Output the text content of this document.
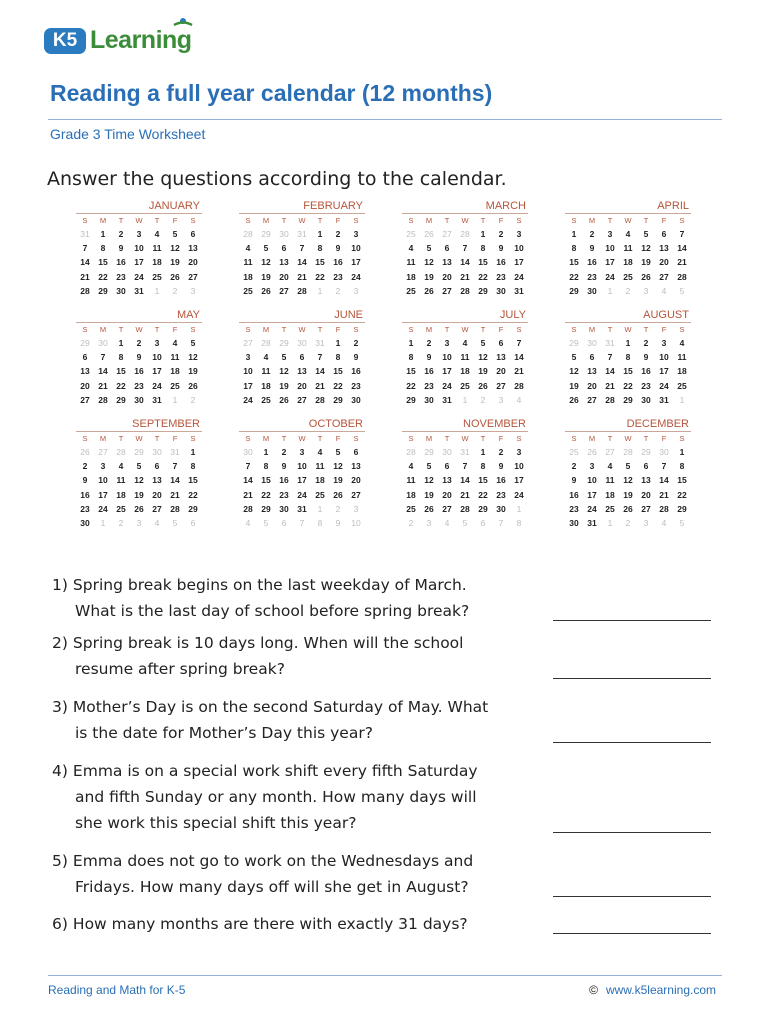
K5 Learning
Reading a full year calendar (12 months)
Grade 3 Time Worksheet
Answer the questions according to the calendar.
JANUARY
S	M	T	W	T	F	S
31	1	2	3	4	5	6
7	8	9	10	11	12	13
14	15	16	17	18	19	20
21	22	23	24	25	26	27
28	29	30	31	1	2	3
FEBRUARY
S	M	T	W	T	F	S
28	29	30	31	1	2	3
4	5	6	7	8	9	10
11	12	13	14	15	16	17
18	19	20	21	22	23	24
25	26	27	28	1	2	3
MARCH
S	M	T	W	T	F	S
25	26	27	28	1	2	3
4	5	6	7	8	9	10
11	12	13	14	15	16	17
18	19	20	21	22	23	24
25	26	27	28	29	30	31
APRIL
S	M	T	W	T	F	S
1	2	3	4	5	6	7
8	9	10	11	12	13	14
15	16	17	18	19	20	21
22	23	24	25	26	27	28
29	30	1	2	3	4	5
MAY
S	M	T	W	T	F	S
29	30	1	2	3	4	5
6	7	8	9	10	11	12
13	14	15	16	17	18	19
20	21	22	23	24	25	26
27	28	29	30	31	1	2
JUNE
S	M	T	W	T	F	S
27	28	29	30	31	1	2
3	4	5	6	7	8	9
10	11	12	13	14	15	16
17	18	19	20	21	22	23
24	25	26	27	28	29	30
JULY
S	M	T	W	T	F	S
1	2	3	4	5	6	7
8	9	10	11	12	13	14
15	16	17	18	19	20	21
22	23	24	25	26	27	28
29	30	31	1	2	3	4
AUGUST
S	M	T	W	T	F	S
29	30	31	1	2	3	4
5	6	7	8	9	10	11
12	13	14	15	16	17	18
19	20	21	22	23	24	25
26	27	28	29	30	31	1
SEPTEMBER
S	M	T	W	T	F	S
26	27	28	29	30	31	1
2	3	4	5	6	7	8
9	10	11	12	13	14	15
16	17	18	19	20	21	22
23	24	25	26	27	28	29
30	1	2	3	4	5	6
OCTOBER
S	M	T	W	T	F	S
30	1	2	3	4	5	6
7	8	9	10	11	12	13
14	15	16	17	18	19	20
21	22	23	24	25	26	27
28	29	30	31	1	2	3
4	5	6	7	8	9	10
NOVEMBER
S	M	T	W	T	F	S
28	29	30	31	1	2	3
4	5	6	7	8	9	10
11	12	13	14	15	16	17
18	19	20	21	22	23	24
25	26	27	28	29	30	1
2	3	4	5	6	7	8
DECEMBER
S	M	T	W	T	F	S
25	26	27	28	29	30	1
2	3	4	5	6	7	8
9	10	11	12	13	14	15
16	17	18	19	20	21	22
23	24	25	26	27	28	29
30	31	1	2	3	4	5
1) Spring break begins on the last weekday of March.
What is the last day of school before spring break?
2) Spring break is 10 days long. When will the school
resume after spring break?
3) Mother’s Day is on the second Saturday of May. What
is the date for Mother’s Day this year?
4) Emma is on a special work shift every fifth Saturday
and fifth Sunday or any month. How many days will
she work this special shift this year?
5) Emma does not go to work on the Wednesdays and
Fridays. How many days off will she get in August?
6) How many months are there with exactly 31 days?
Reading and Math for K-5	© www.k5learning.com
